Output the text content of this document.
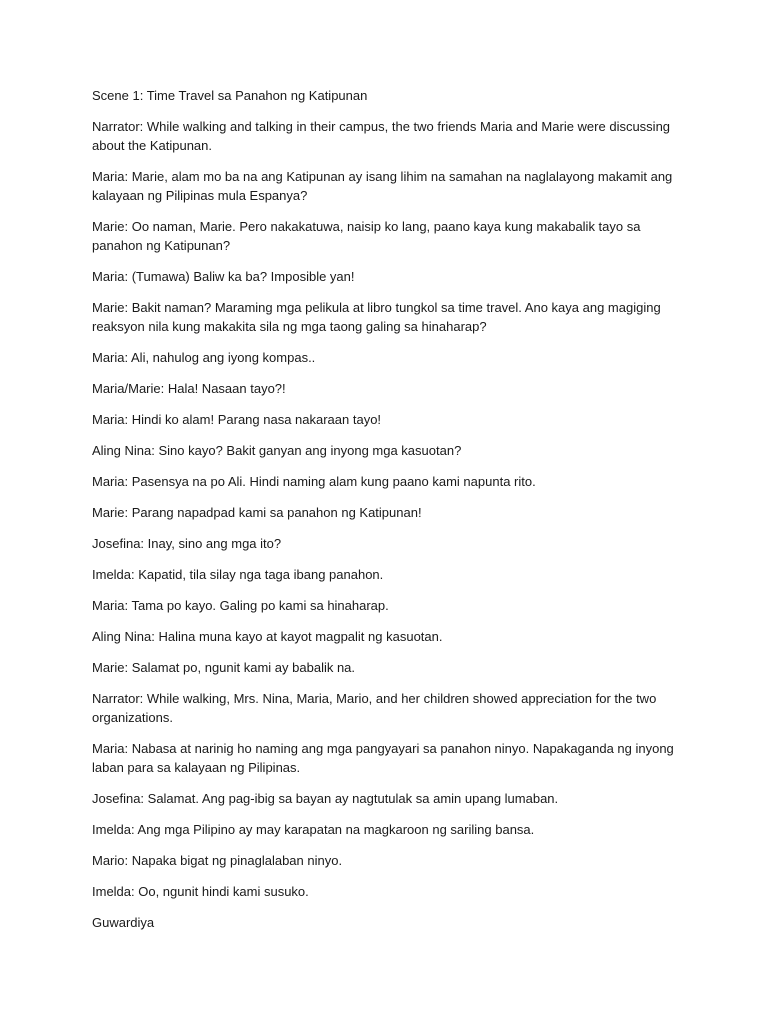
Scene 1: Time Travel sa Panahon ng Katipunan

Narrator: While walking and talking in their campus, the two friends Maria and Marie were discussing about the Katipunan.

Maria: Marie, alam mo ba na ang Katipunan ay isang lihim na samahan na naglalayong makamit ang kalayaan ng Pilipinas mula Espanya?

Marie: Oo naman, Marie. Pero nakakatuwa, naisip ko lang, paano kaya kung makabalik tayo sa panahon ng Katipunan?

Maria: (Tumawa) Baliw ka ba? Imposible yan!

Marie: Bakit naman? Maraming mga pelikula at libro tungkol sa time travel. Ano kaya ang magiging reaksyon nila kung makakita sila ng mga taong galing sa hinaharap?

Maria: Ali, nahulog ang iyong kompas..

Maria/Marie: Hala! Nasaan tayo?!

Maria: Hindi ko alam! Parang nasa nakaraan tayo!

Aling Nina: Sino kayo? Bakit ganyan ang inyong mga kasuotan?

Maria: Pasensya na po Ali. Hindi naming alam kung paano kami napunta rito.

Marie: Parang napadpad kami sa panahon ng Katipunan!

Josefina: Inay, sino ang mga ito?

Imelda: Kapatid, tila silay nga taga ibang panahon.

Maria: Tama po kayo. Galing po kami sa hinaharap.

Aling Nina: Halina muna kayo at kayot magpalit ng kasuotan.

Marie: Salamat po, ngunit kami ay babalik na.

Narrator: While walking, Mrs. Nina, Maria, Mario, and her children showed appreciation for the two organizations.

Maria: Nabasa at narinig ho naming ang mga pangyayari sa panahon ninyo. Napakaganda ng inyong laban para sa kalayaan ng Pilipinas.

Josefina: Salamat. Ang pag-ibig sa bayan ay nagtutulak sa amin upang lumaban.

Imelda: Ang mga Pilipino ay may karapatan na magkaroon ng sariling bansa.

Mario: Napaka bigat ng pinaglalaban ninyo.

Imelda: Oo, ngunit hindi kami susuko.

Guwardiya
